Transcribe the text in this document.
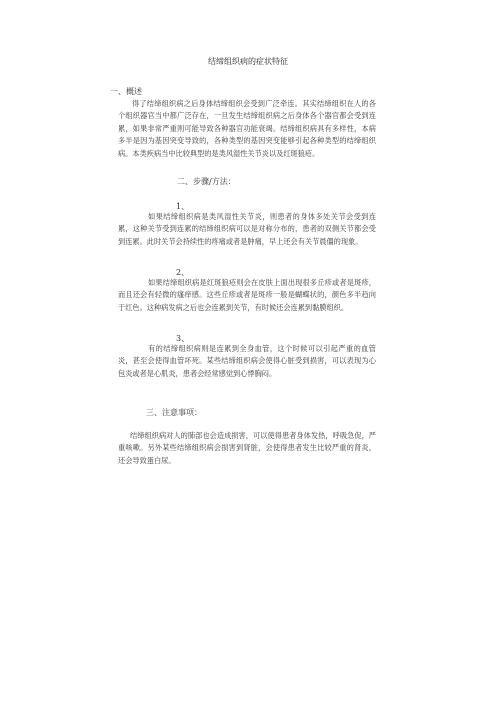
结缔组织病的症状特征
一、概述
得了结缔组织病之后身体结缔组织会受到广泛牵连。其实结缔组织在人的各个组织器官当中都广泛存在，一旦发生结缔组织病之后身体各个器官都会受到连累，如果非常严重则可能导致各种器官功能衰竭。结缔组织病具有多样性，本病多半是因为基因突变导致的，各种类型的基因突变能够引起各种类型的结缔组织病。本类疾病当中比较典型的是类风湿性关节炎以及红斑狼疮。
二、步骤/方法：
1、
如果结缔组织病是类风湿性关节炎，则患者的身体多处关节会受到连累，这种关节受到连累的结缔组织病可以是对称分布的，患者的双侧关节都会受到连累。此时关节会持续性的疼痛或者是肿痛，早上还会有关节晨僵的现象。
2、
如果结缔组织病是红斑狼疮则会在皮肤上面出现很多丘疹或者是斑疹，而且还会有轻微的瘙痒感。这些丘疹或者是斑疹一般是蝴蝶状的，颜色多半趋向于红色。这种病发病之后也会连累到关节，有时候还会连累到黏膜组织。
3、
有的结缔组织病则是连累到全身血管，这个时候可以引起严重的血管炎，甚至会使得血管坏死。某些结缔组织病会使得心脏受到损害，可以表现为心包炎或者是心肌炎，患者会经常感觉到心悸胸闷。
三、注意事项：
结缔组织病对人的肺部也会造成损害，可以使得患者身体发热，呼吸急促，严重咳嗽。另外某些结缔组织病会损害到肾脏，会使得患者发生比较严重的肾炎，还会导致蛋白尿。
